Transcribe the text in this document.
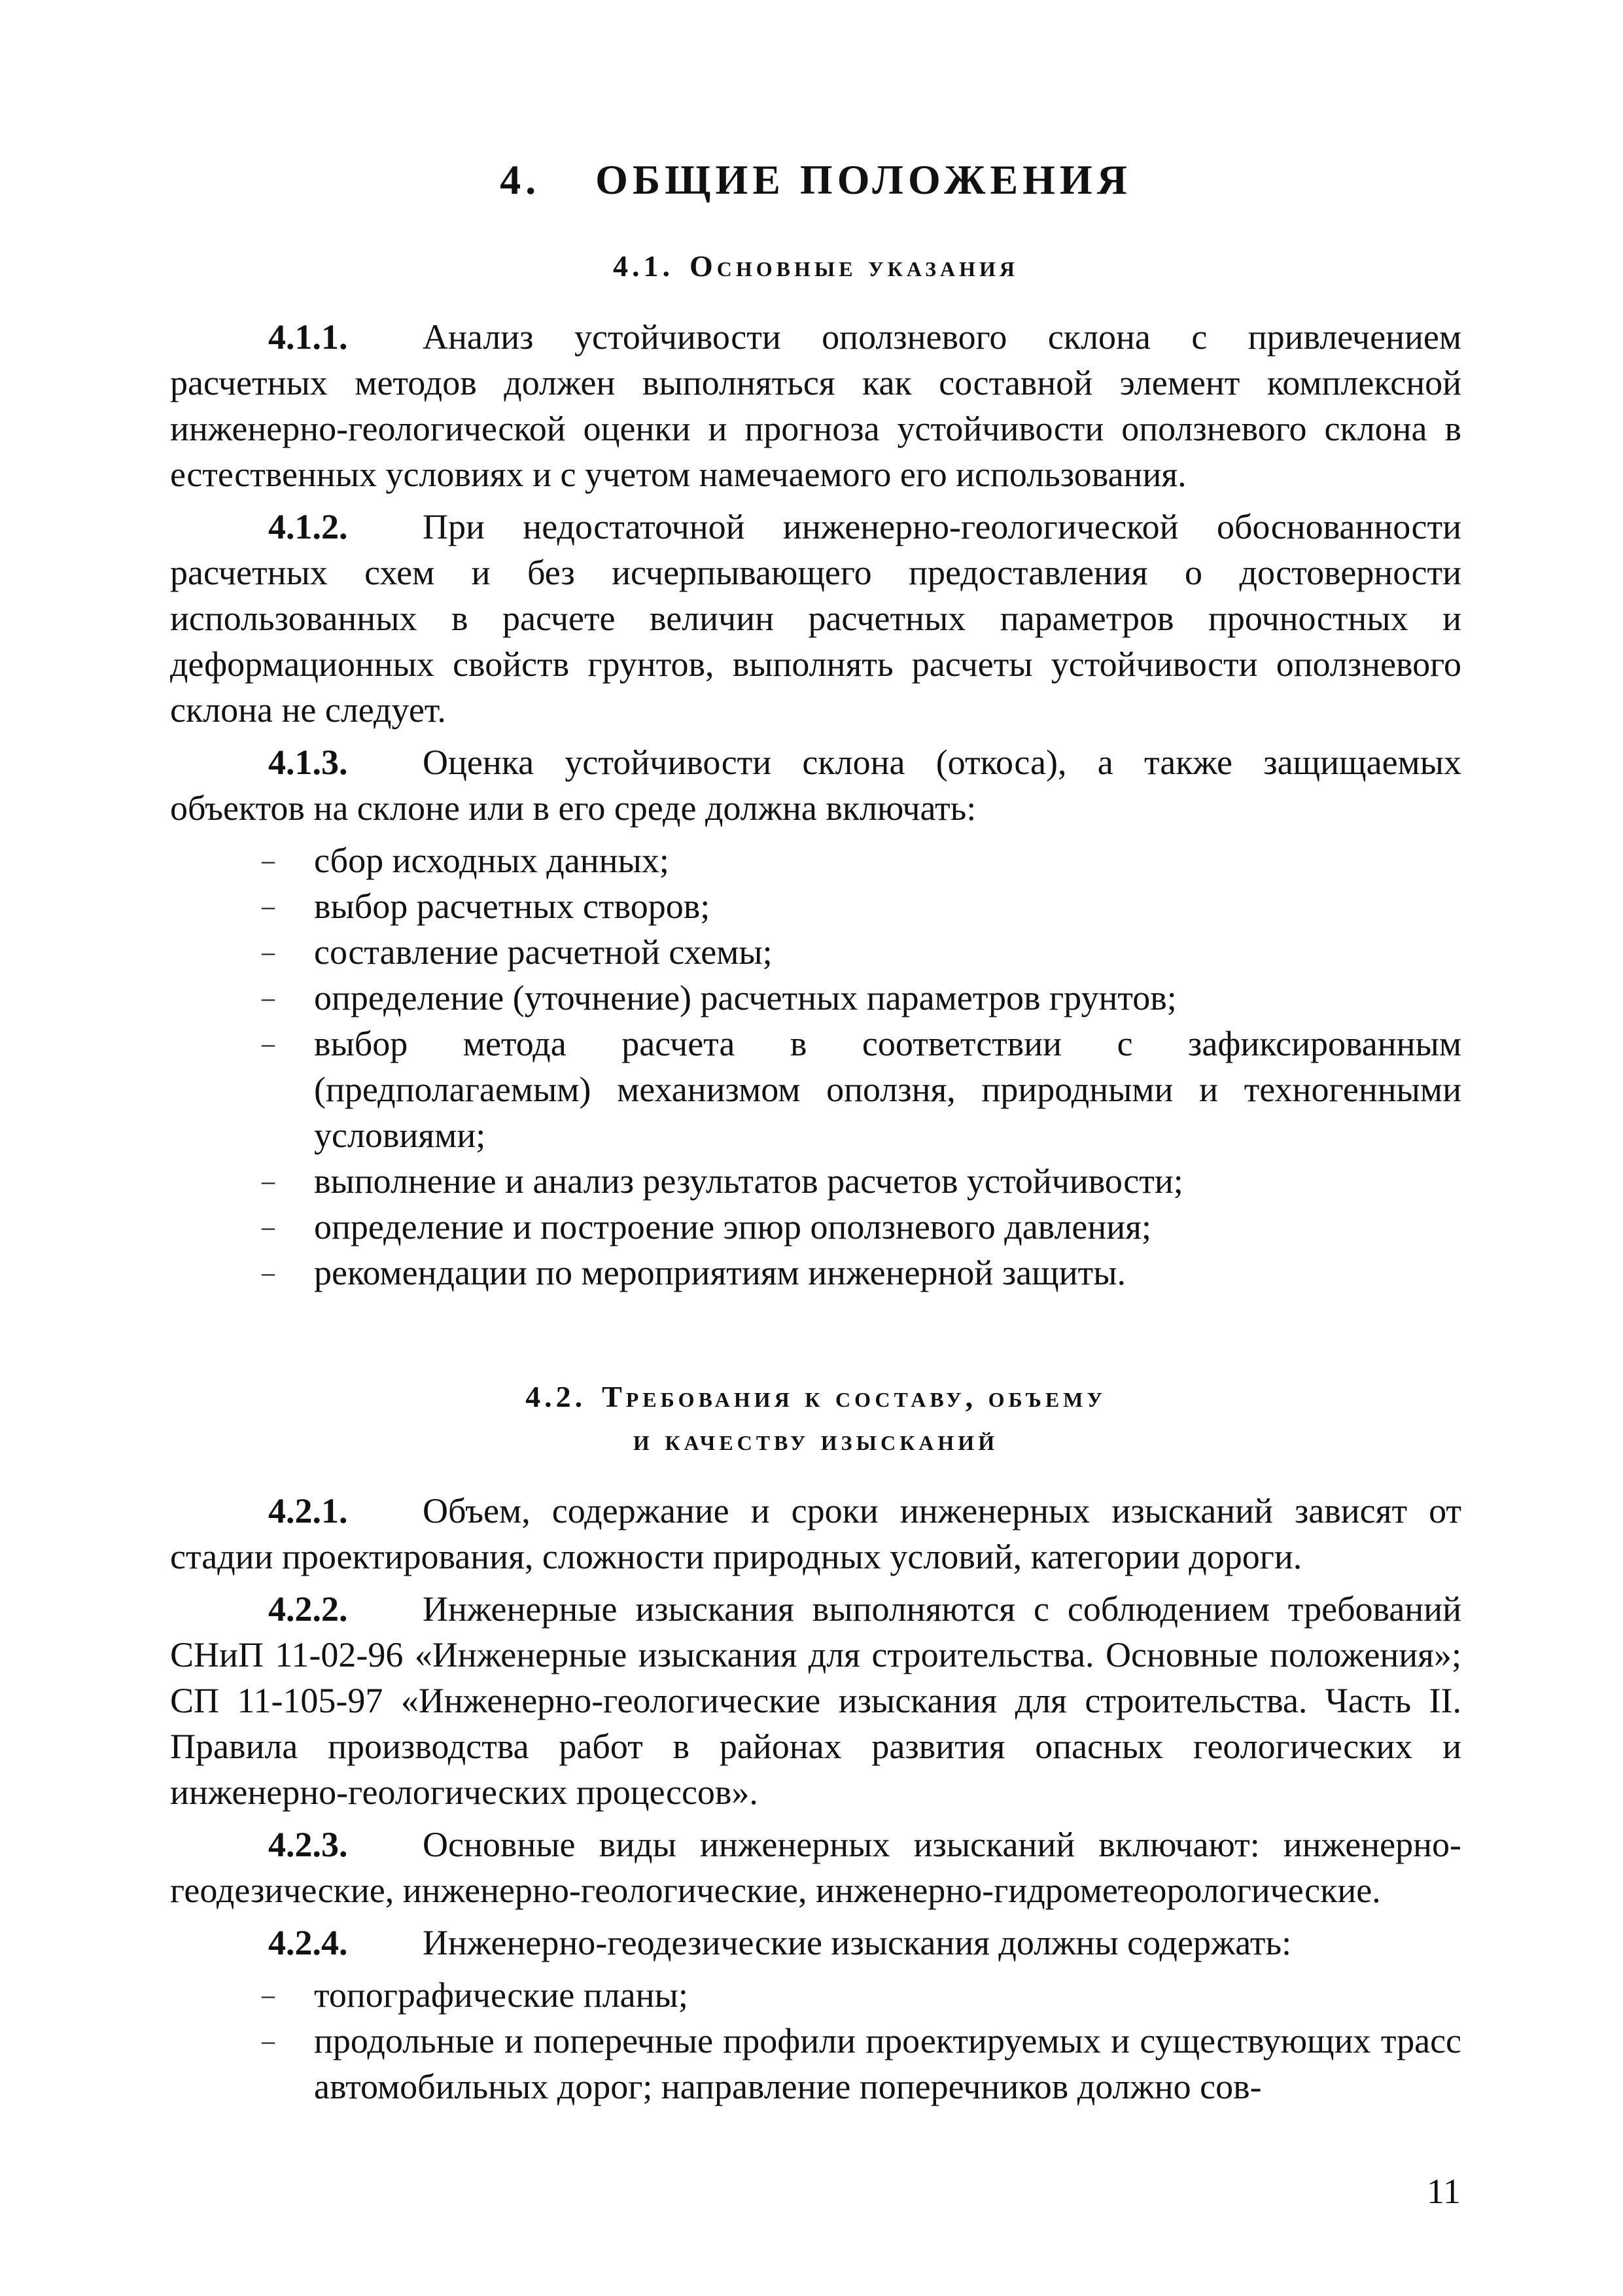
4. ОБЩИЕ ПОЛОЖЕНИЯ
4.1. Основные указания

4.1.1. Анализ устойчивости оползневого склона с привлечением расчетных методов должен выполняться как составной элемент комплексной инженерно-геологической оценки и прогноза устойчивости оползневого склона в естественных условиях и с учетом намечаемого его использования.

4.1.2. При недостаточной инженерно-геологической обоснованности расчетных схем и без исчерпывающего предоставления о достоверности использованных в расчете величин расчетных параметров прочностных и деформационных свойств грунтов, выполнять расчеты устойчивости оползневого склона не следует.

4.1.3. Оценка устойчивости склона (откоса), а также защищаемых объектов на склоне или в его среде должна включать:

– сбор исходных данных;
– выбор расчетных створов;
– составление расчетной схемы;
– определение (уточнение) расчетных параметров грунтов;
– выбор метода расчета в соответствии с зафиксированным (предполагаемым) механизмом оползня, природными и техногенными условиями;
– выполнение и анализ результатов расчетов устойчивости;
– определение и построение эпюр оползневого давления;
– рекомендации по мероприятиям инженерной защиты.
4.2. Требования к составу, объему
и качеству изысканий

4.2.1. Объем, содержание и сроки инженерных изысканий зависят от стадии проектирования, сложности природных условий, категории дороги.

4.2.2. Инженерные изыскания выполняются с соблюдением требований СНиП 11-02-96 «Инженерные изыскания для строительства. Основные положения»; СП 11-105-97 «Инженерно-геологические изыскания для строительства. Часть II. Правила производства работ в районах развития опасных геологических и инженерно-геологических процессов».

4.2.3. Основные виды инженерных изысканий включают: инженерно-геодезические, инженерно-геологические, инженерно-гидрометеорологические.

4.2.4. Инженерно-геодезические изыскания должны содержать:

– топографические планы;
– продольные и поперечные профили проектируемых и существующих трасс автомобильных дорог; направление поперечников должно сов-
11
